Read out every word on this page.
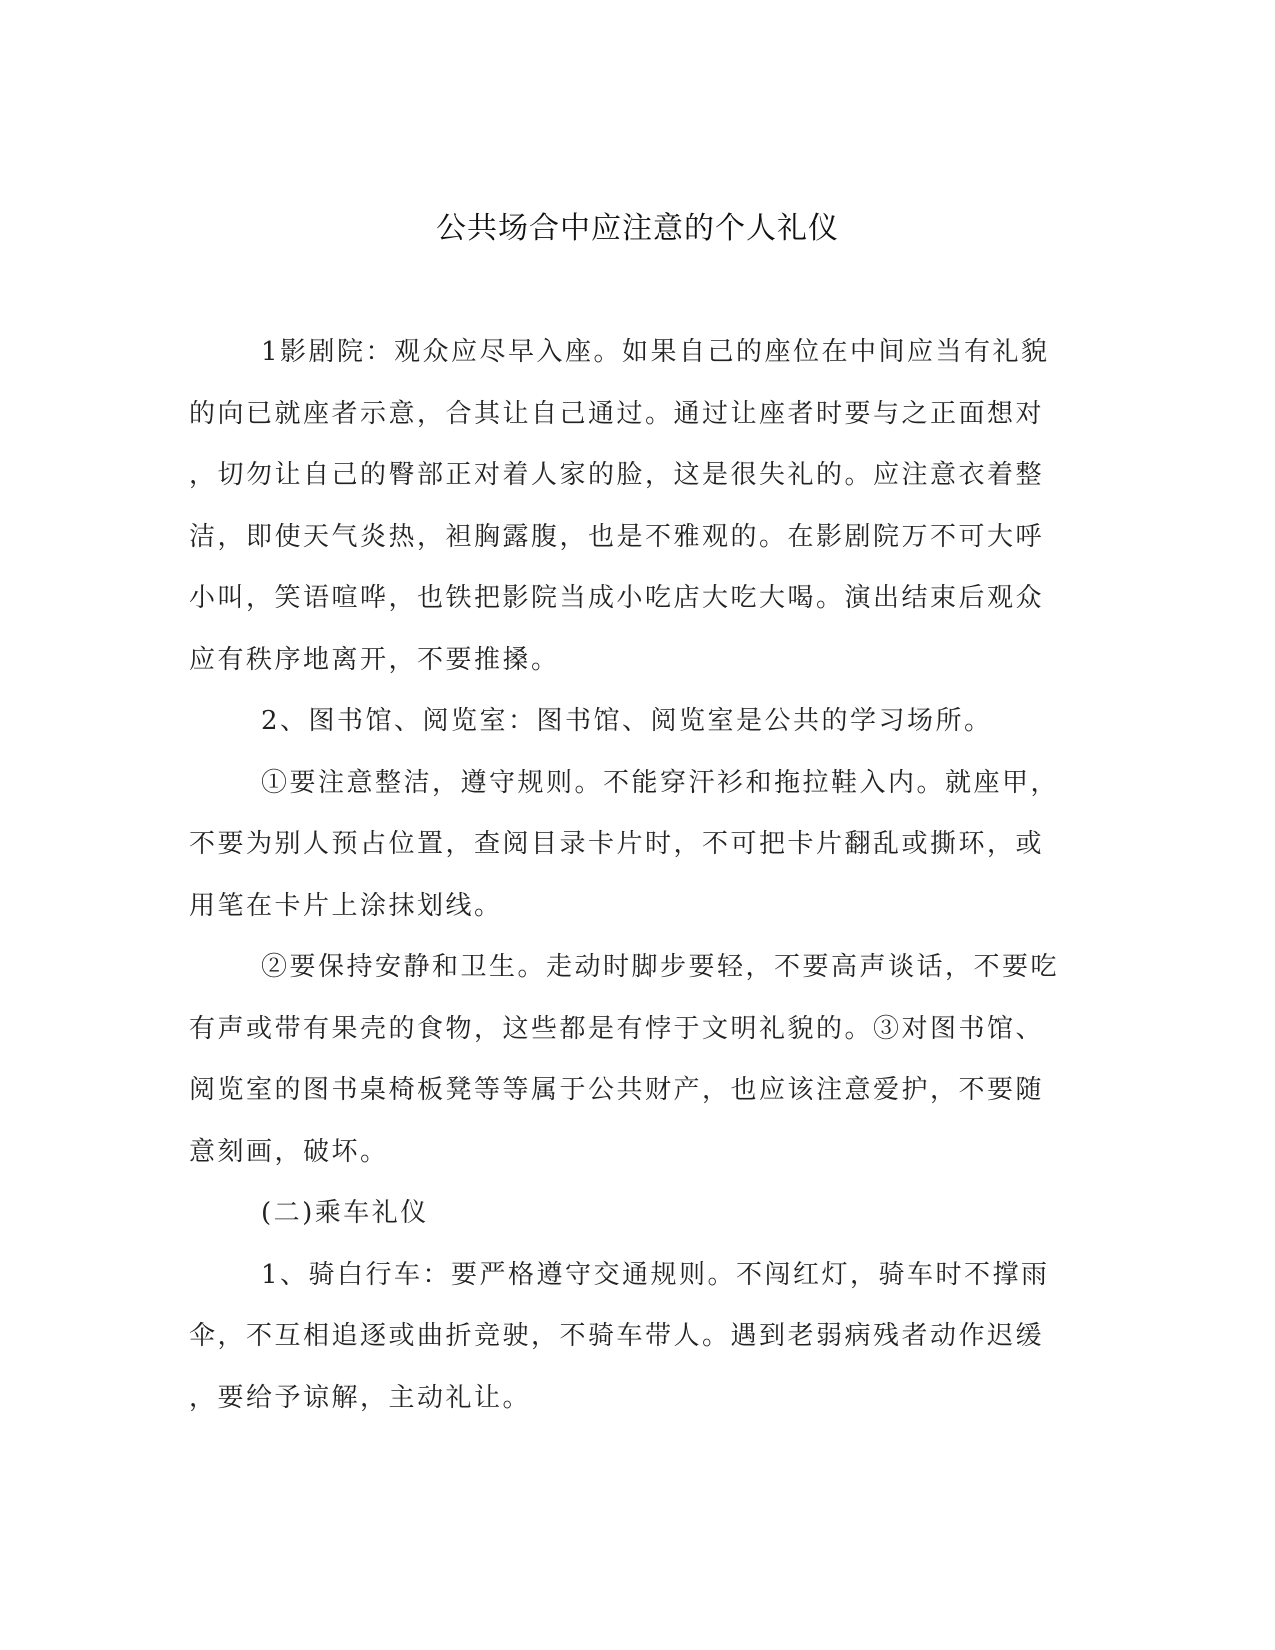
公共场合中应注意的个人礼仪
1影剧院：观众应尽早入座。如果自己的座位在中间应当有礼貌
的向已就座者示意，合其让自己通过。通过让座者时要与之正面想对
，切勿让自己的臀部正对着人家的脸，这是很失礼的。应注意衣着整
洁，即使天气炎热，袒胸露腹，也是不雅观的。在影剧院万不可大呼
小叫，笑语喧哗，也铁把影院当成小吃店大吃大喝。演出结束后观众
应有秩序地离开，不要推搡。
2、图书馆、阅览室：图书馆、阅览室是公共的学习场所。
①要注意整洁，遵守规则。不能穿汗衫和拖拉鞋入内。就座甲，
不要为别人预占位置，查阅目录卡片时，不可把卡片翻乱或撕环，或
用笔在卡片上涂抹划线。
②要保持安静和卫生。走动时脚步要轻，不要高声谈话，不要吃
有声或带有果壳的食物，这些都是有悖于文明礼貌的。③对图书馆、
阅览室的图书桌椅板凳等等属于公共财产，也应该注意爱护，不要随
意刻画，破坏。
(二)乘车礼仪
1、骑白行车：要严格遵守交通规则。不闯红灯，骑车时不撑雨
伞，不互相追逐或曲折竞驶，不骑车带人。遇到老弱病残者动作迟缓
，要给予谅解，主动礼让。
